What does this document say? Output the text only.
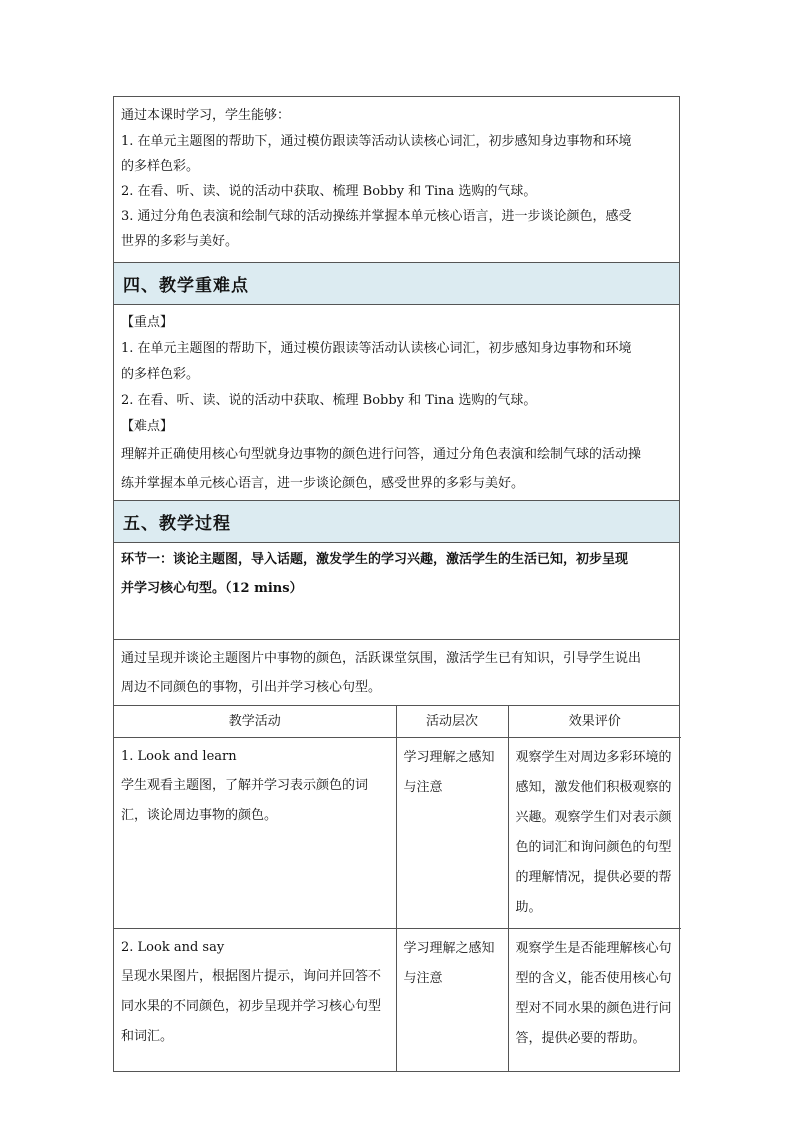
通过本课时学习，学生能够：
1. 在单元主题图的帮助下，通过模仿跟读等活动认读核心词汇，初步感知身边事物和环境
的多样色彩。
2. 在看、听、读、说的活动中获取、梳理 Bobby 和 Tina 选购的气球。
3. 通过分角色表演和绘制气球的活动操练并掌握本单元核心语言，进一步谈论颜色，感受
世界的多彩与美好。
四、教学重难点
【重点】
1. 在单元主题图的帮助下，通过模仿跟读等活动认读核心词汇，初步感知身边事物和环境
的多样色彩。
2. 在看、听、读、说的活动中获取、梳理 Bobby 和 Tina 选购的气球。
【难点】
理解并正确使用核心句型就身边事物的颜色进行问答，通过分角色表演和绘制气球的活动操
练并掌握本单元核心语言，进一步谈论颜色，感受世界的多彩与美好。
五、教学过程
环节一：谈论主题图，导入话题，激发学生的学习兴趣，激活学生的生活已知，初步呈现
并学习核心句型。（12 mins）
通过呈现并谈论主题图片中事物的颜色，活跃课堂氛围，激活学生已有知识，引导学生说出
周边不同颜色的事物，引出并学习核心句型。
教学活动	活动层次	效果评价

1. Look and learn
学生观看主题图，了解并学习表示颜色的词汇，谈论周边事物的颜色。	学习理解之感知与注意	观察学生对周边多彩环境的感知，激发他们积极观察的兴趣。观察学生们对表示颜色的词汇和询问颜色的句型的理解情况，提供必要的帮助。

2. Look and say
呈现水果图片，根据图片提示，询问并回答不同水果的不同颜色，初步呈现并学习核心句型和词汇。	学习理解之感知与注意	观察学生是否能理解核心句型的含义，能否使用核心句型对不同水果的颜色进行问答，提供必要的帮助。
